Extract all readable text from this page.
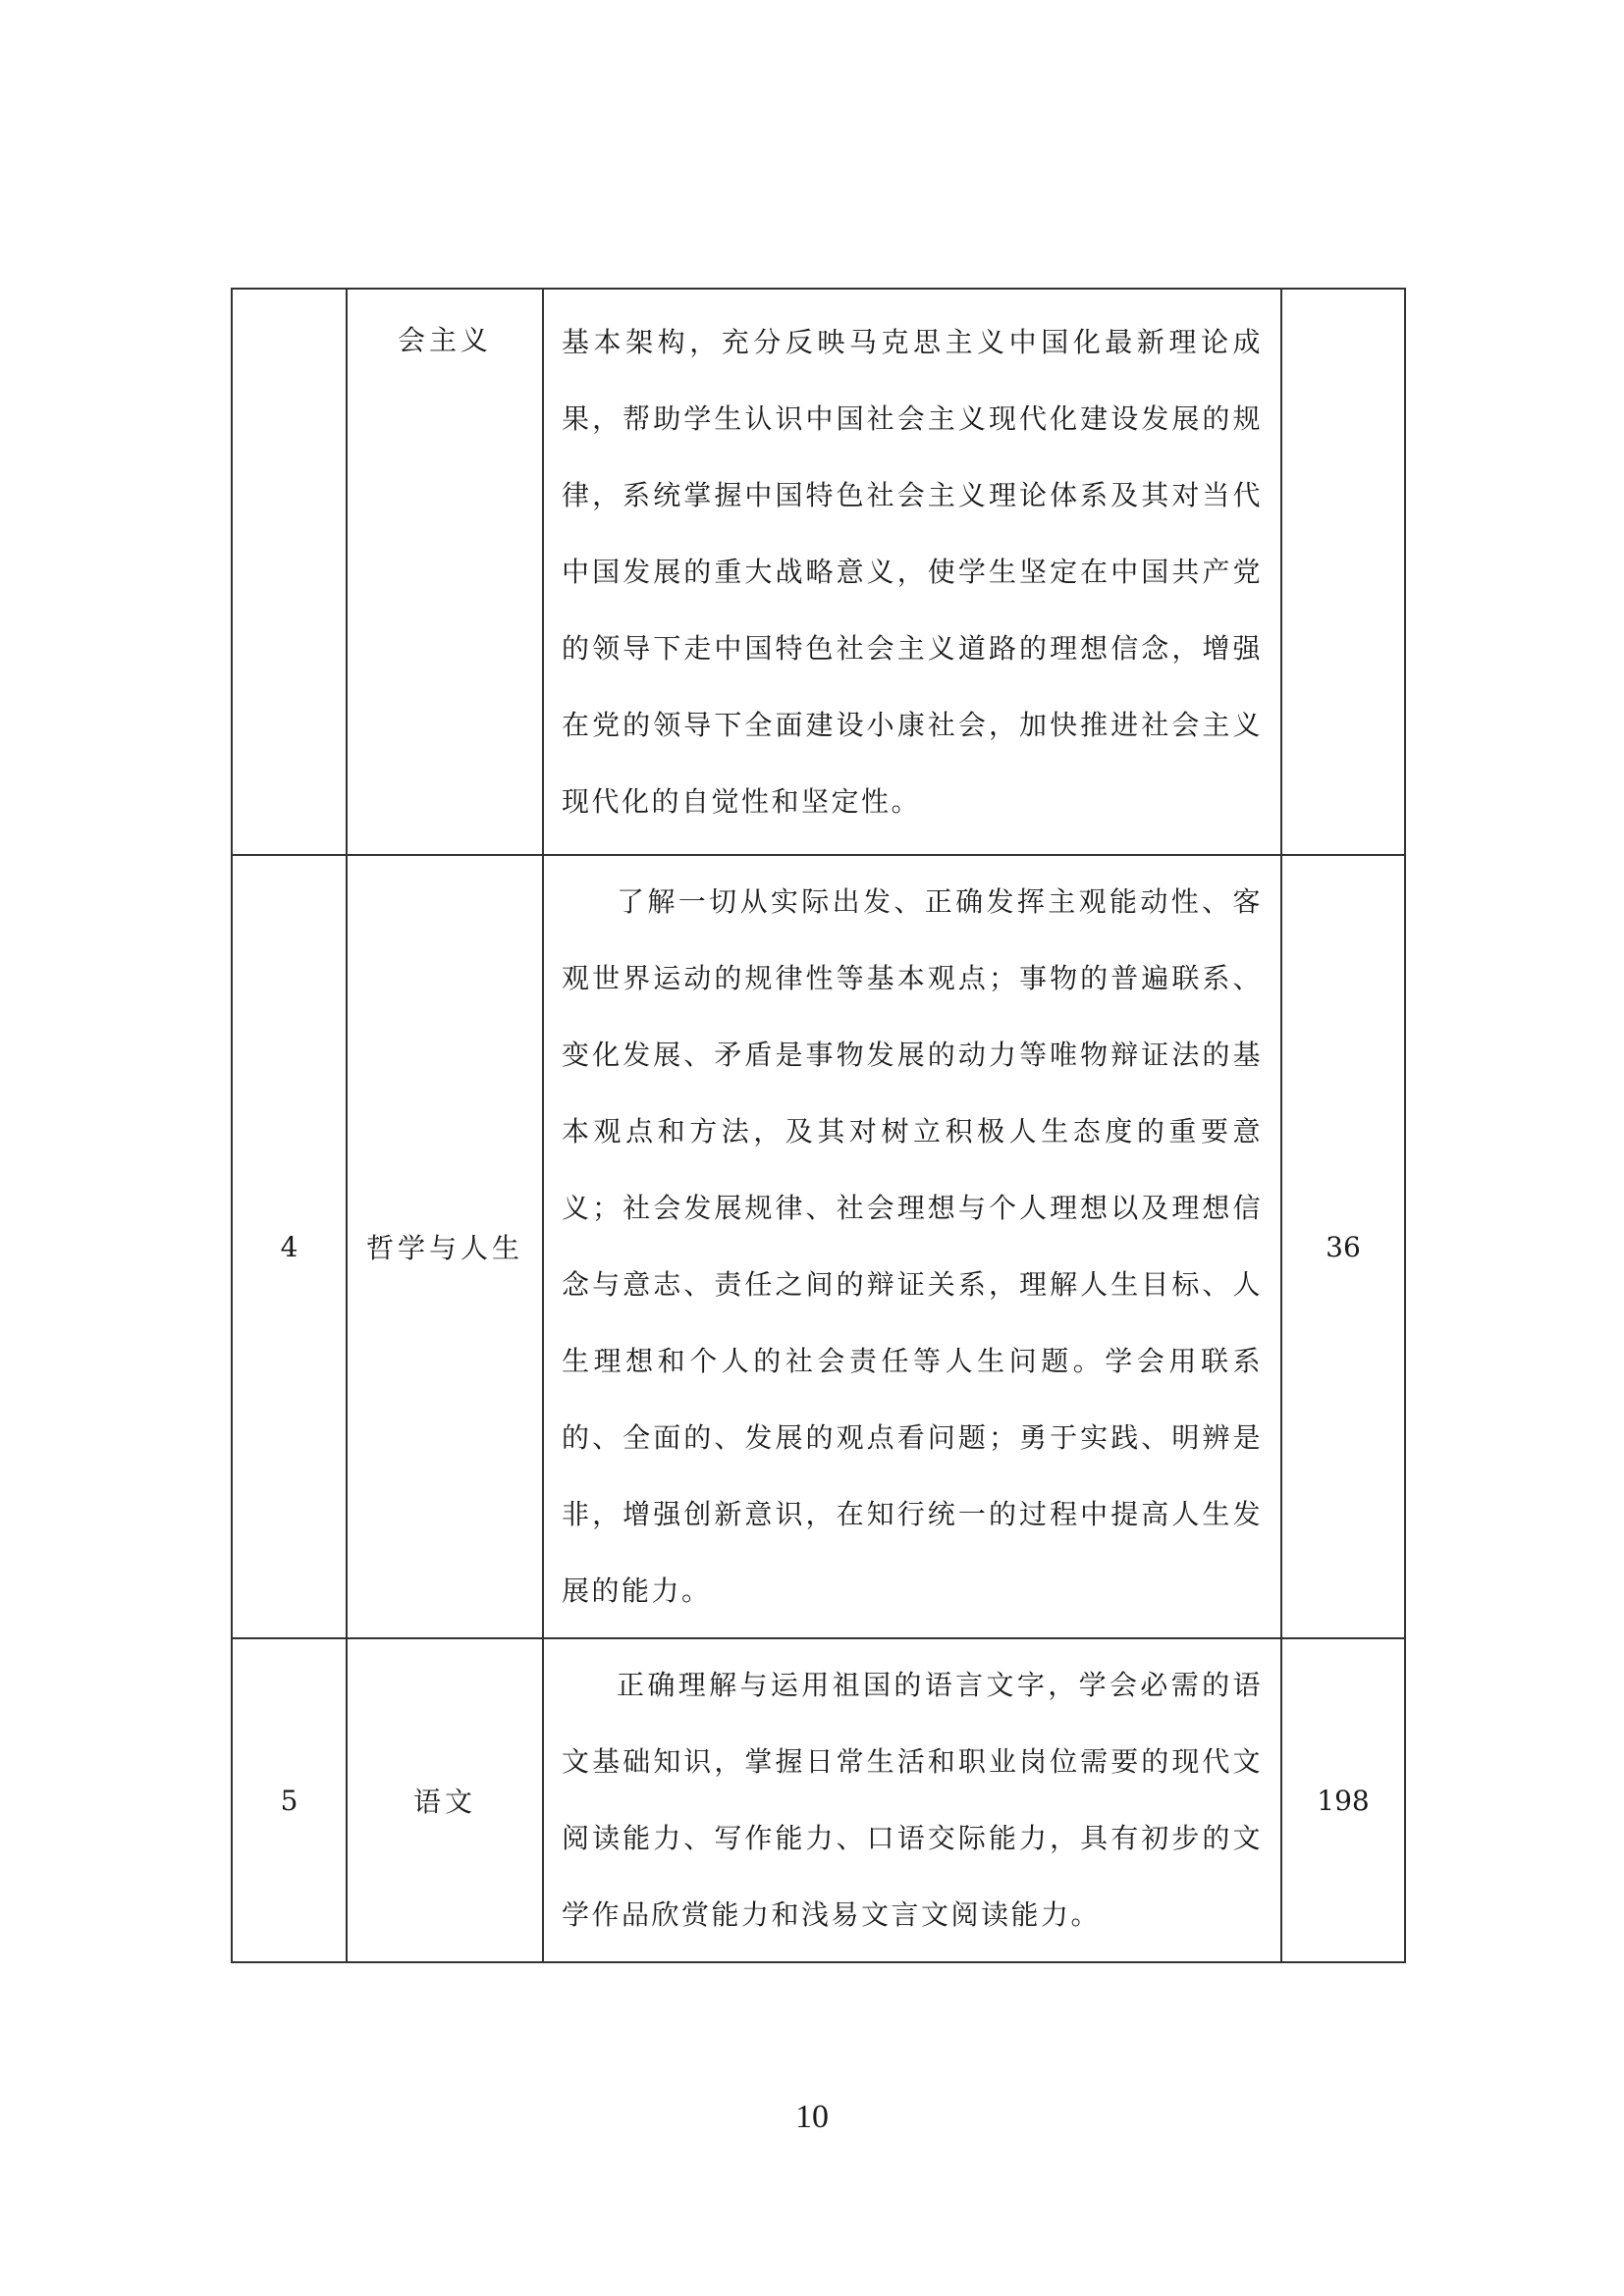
	会主义	基本架构，充分反映马克思主义中国化最新理论成果，帮助学生认识中国社会主义现代化建设发展的规律，系统掌握中国特色社会主义理论体系及其对当代中国发展的重大战略意义，使学生坚定在中国共产党的领导下走中国特色社会主义道路的理想信念，增强在党的领导下全面建设小康社会，加快推进社会主义现代化的自觉性和坚定性。	
4	哲学与人生	了解一切从实际出发、正确发挥主观能动性、客观世界运动的规律性等基本观点；事物的普遍联系、变化发展、矛盾是事物发展的动力等唯物辩证法的基本观点和方法，及其对树立积极人生态度的重要意义；社会发展规律、社会理想与个人理想以及理想信念与意志、责任之间的辩证关系，理解人生目标、人生理想和个人的社会责任等人生问题。学会用联系的、全面的、发展的观点看问题；勇于实践、明辨是非，增强创新意识，在知行统一的过程中提高人生发展的能力。	36
5	语文	正确理解与运用祖国的语言文字，学会必需的语文基础知识，掌握日常生活和职业岗位需要的现代文阅读能力、写作能力、口语交际能力，具有初步的文学作品欣赏能力和浅易文言文阅读能力。	198
10
